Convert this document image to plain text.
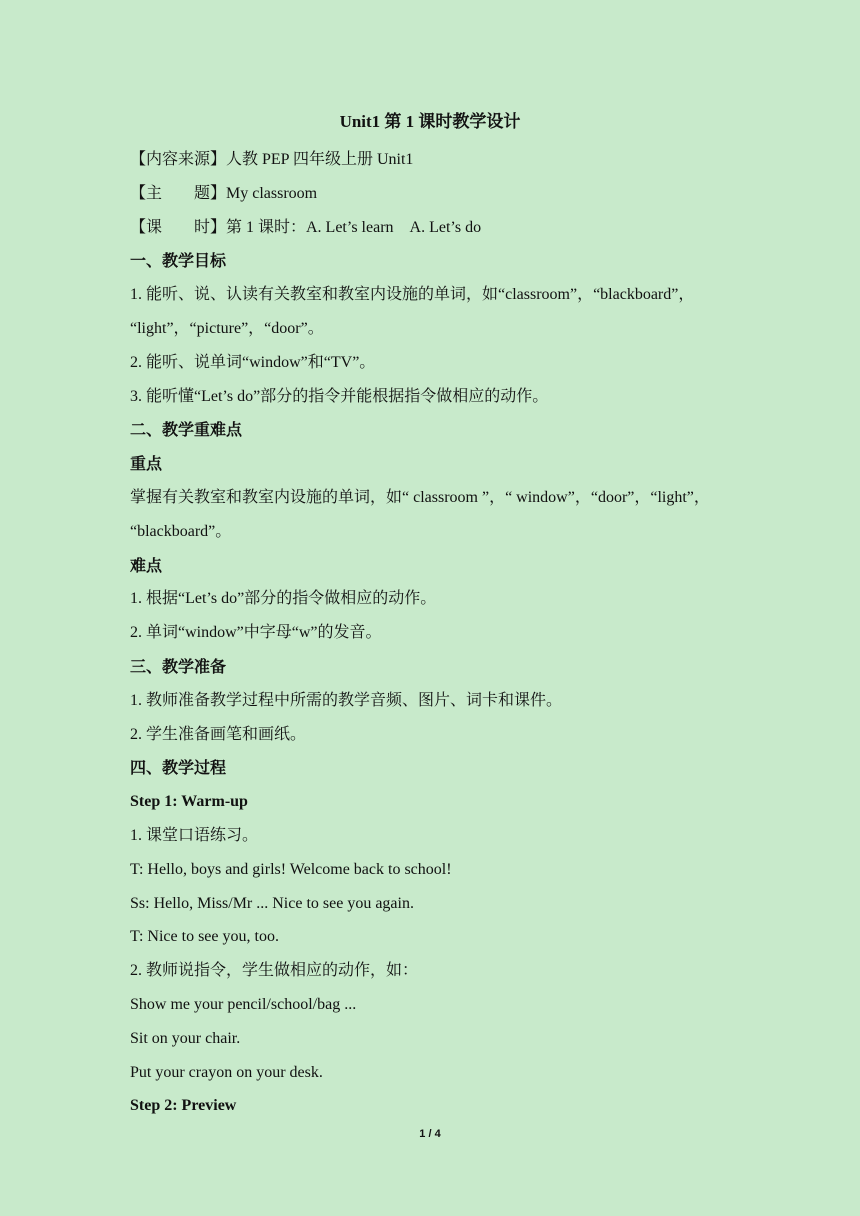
Unit1 第 1 课时教学设计
【内容来源】人教 PEP 四年级上册 Unit1
【主　　题】My classroom
【课　　时】第 1 课时：A. Let’s learn　A. Let’s do
一、教学目标
1. 能听、说、认读有关教室和教室内设施的单词，如“classroom”，“blackboard”，
“light”，“picture”，“door”。
2. 能听、说单词“window”和“TV”。
3. 能听懂“Let’s do”部分的指令并能根据指令做相应的动作。
二、教学重难点
重点
掌握有关教室和教室内设施的单词，如“ classroom ”，“ window”，“door”，“light”，
“blackboard”。
难点
1. 根据“Let’s do”部分的指令做相应的动作。
2. 单词“window”中字母“w”的发音。
三、教学准备
1. 教师准备教学过程中所需的教学音频、图片、词卡和课件。
2. 学生准备画笔和画纸。
四、教学过程
Step 1: Warm-up
1. 课堂口语练习。
T: Hello, boys and girls! Welcome back to school!
Ss: Hello, Miss/Mr ... Nice to see you again.
T: Nice to see you, too.
2. 教师说指令，学生做相应的动作，如：
Show me your pencil/school/bag ...
Sit on your chair.
Put your crayon on your desk.
Step 2: Preview
1 / 4
